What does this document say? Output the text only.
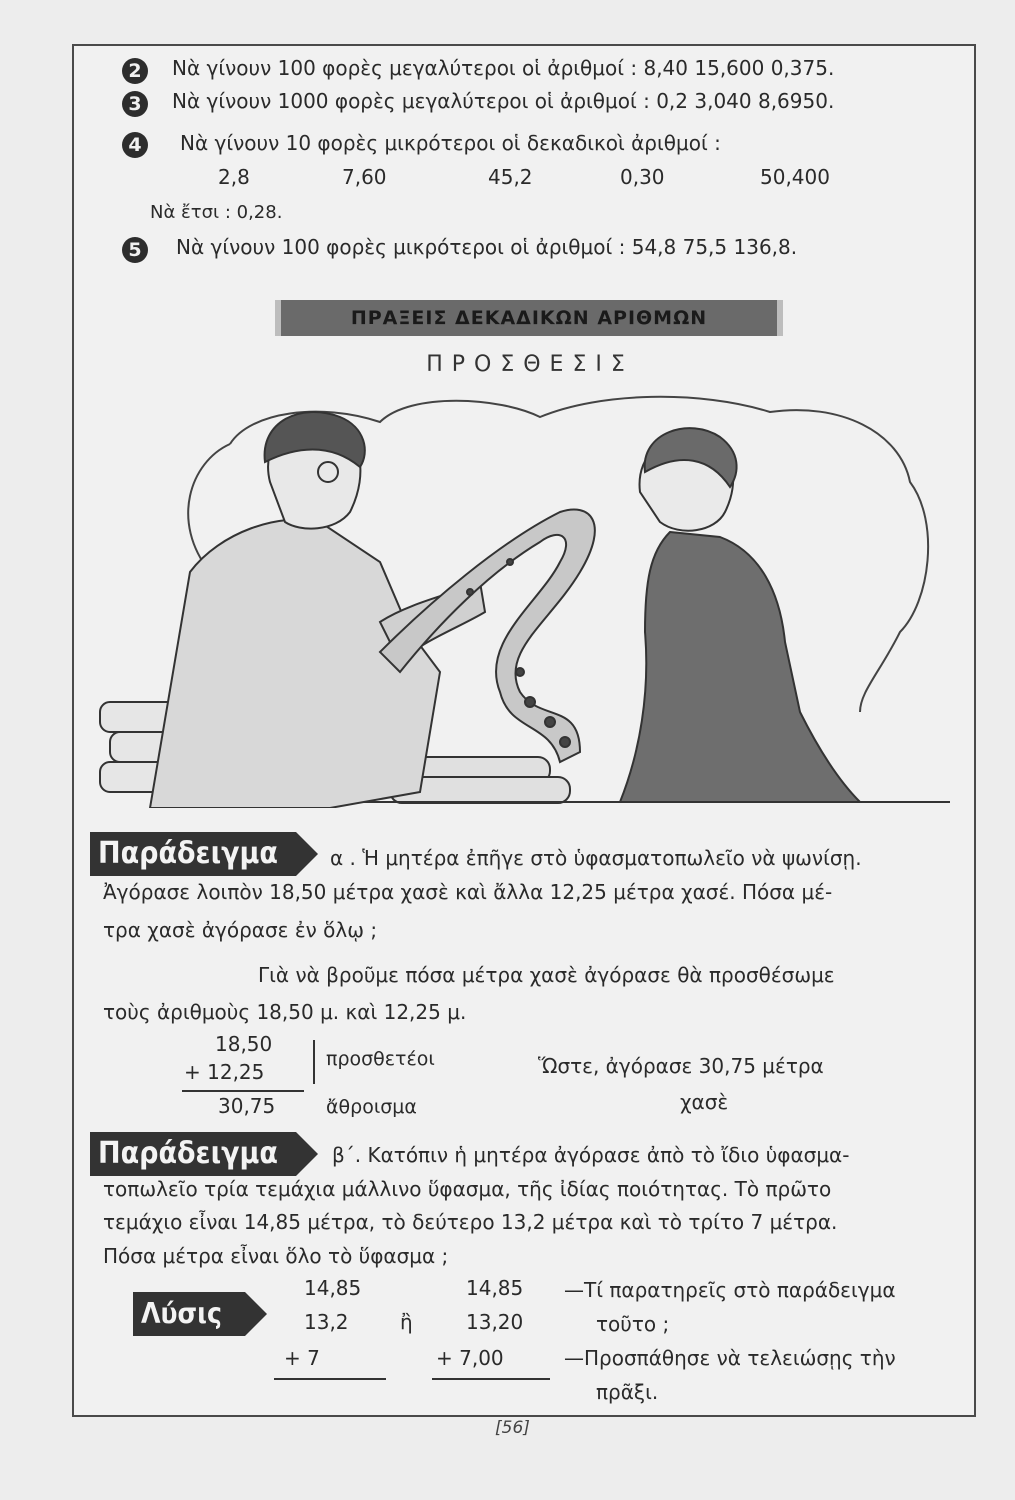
2	Νὰ γίνουν 100 φορὲς μεγαλύτεροι οἱ ἀριθμοί : 8,40 15,600 0,375.
3	Νὰ γίνουν 1000 φορὲς μεγαλύτεροι οἱ ἀριθμοί : 0,2 3,040 8,6950.
4	Νὰ γίνουν 10 φορὲς μικρότεροι οἱ δεκαδικοὶ ἀριθμοί :
2,8	7,60	45,2	0,30	50,400
Νὰ ἔτσι : 0,28.
5	Νὰ γίνουν 100 φορὲς μικρότεροι οἱ ἀριθμοί : 54,8 75,5 136,8.
ΠΡΑΞΕΙΣ ΔΕΚΑΔΙΚΩΝ ΑΡΙΘΜΩΝ
ΠΡΟΣΘΕΣΙΣ
Παράδειγμα	α . Ἡ μητέρα ἐπῆγε στὸ ὑφασματοπωλεῖο νὰ ψωνίσῃ.
Ἀγόρασε λοιπὸν 18,50 μέτρα χασὲ καὶ ἄλλα 12,25 μέτρα χασέ. Πόσα μέ-
τρα χασὲ ἀγόρασε ἐν ὅλῳ ;
Γιὰ νὰ βροῦμε πόσα μέτρα χασὲ ἀγόρασε θὰ προσθέσωμε
τοὺς ἀριθμοὺς 18,50 μ. καὶ 12,25 μ.
18,50
+ 12,25
30,75
προσθετέοι
ἄθροισμα
Ὥστε, ἀγόρασε 30,75 μέτρα
χασὲ
Παράδειγμα	β΄. Κατόπιν ἡ μητέρα ἀγόρασε ἀπὸ τὸ ἴδιο ὑφασμα-
τοπωλεῖο τρία τεμάχια μάλλινο ὕφασμα, τῆς ἰδίας ποιότητας. Τὸ πρῶτο
τεμάχιο εἶναι 14,85 μέτρα, τὸ δεύτερο 13,2 μέτρα καὶ τὸ τρίτο 7 μέτρα.
Πόσα μέτρα εἶναι ὅλο τὸ ὕφασμα ;
Λύσις
14,85
13,2
+ 7
ἢ
14,85
13,20
+ 7,00
—Τί παρατηρεῖς στὸ παράδειγμα
τοῦτο ;
—Προσπάθησε νὰ τελειώσῃς τὴν
πρᾶξι.
[56]
